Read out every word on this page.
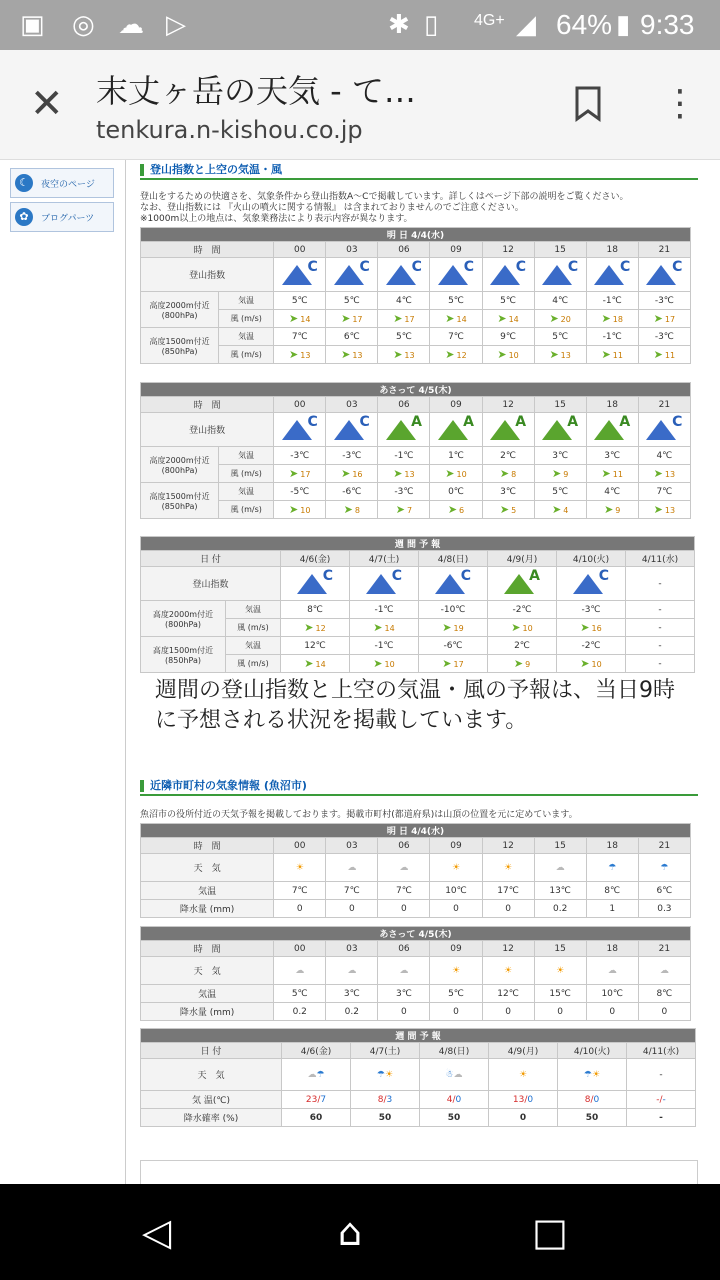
▣ ◎ ☁ ▷	✱ ▯ 4G+ ◢ 64% ▮ 9:33
✕ 末丈ヶ岳の天気 - て…
tenkura.n-kishou.co.jp
⋮
☾	夜空のページ
✿	ブログパーツ
登山指数と上空の気温・風
登山をするための快適さを、気象条件から登山指数A～Cで掲載しています。詳しくはページ下部の説明をご覧ください。
なお、登山指数には 『火山の噴火に関する情報』 は含まれておりませんのでご注意ください。
※1000m以上の地点は、気象業務法により表示内容が異なります。
明 日 4/4(水)									
時　間		00	03	06	09	12	15	18	21
登山指数		C	C	C	C	C	C	C	C

高度2000m付近
(800hPa)	気温	5℃	5℃	4℃	5℃	5℃	4℃	-1℃	-3℃
	風 (m/s)	➤ 14	➤ 17	➤ 17	➤ 14	➤ 14	➤ 20	➤ 18	➤ 17

高度1500m付近
(850hPa)	気温	7℃	6℃	5℃	7℃	9℃	5℃	-1℃	-3℃
	風 (m/s)	➤ 13	➤ 13	➤ 13	➤ 12	➤ 10	➤ 13	➤ 11	➤ 11
あさって 4/5(木)									
時　間		00	03	06	09	12	15	18	21
登山指数		C	C	A	A	A	A	A	C

高度2000m付近
(800hPa)	気温	-3℃	-3℃	-1℃	1℃	2℃	3℃	3℃	4℃
	風 (m/s)	➤ 17	➤ 16	➤ 13	➤ 10	➤ 8	➤ 9	➤ 11	➤ 13

高度1500m付近
(850hPa)	気温	-5℃	-6℃	-3℃	0℃	3℃	5℃	4℃	7℃
	風 (m/s)	➤ 10	➤ 8	➤ 7	➤ 6	➤ 5	➤ 4	➤ 9	➤ 13
週 間 予 報							
日 付		4/6(金)	4/7(土)	4/8(日)	4/9(月)	4/10(火)	4/11(水)
登山指数		C	C	C	A	C	-

高度2000m付近
(800hPa)	気温	8℃	-1℃	-10℃	-2℃	-3℃	-
	風 (m/s)	➤ 12	➤ 14	➤ 19	➤ 10	➤ 16	-

高度1500m付近
(850hPa)	気温	12℃	-1℃	-6℃	2℃	-2℃	-
	風 (m/s)	➤ 14	➤ 10	➤ 17	➤ 9	➤ 10	-
週間の登山指数と上空の気温・風の予報は、当日9時に予想される状況を掲載しています。
近隣市町村の気象情報 (魚沼市)
魚沼市の役所付近の天気予報を掲載しております。掲載市町村(都道府県)は山頂の位置を元に定めています。
明 日 4/4(水)								
時　間	00	03	06	09	12	15	18	21
天　気	☀	☁	☁	☀	☀	☁	☂	☂
気温	7℃	7℃	7℃	10℃	17℃	13℃	8℃	6℃
降水量 (mm)	0	0	0	0	0	0.2	1	0.3
あさって 4/5(木)								
時　間	00	03	06	09	12	15	18	21
天　気	☁	☁	☁	☀	☀	☀	☁	☁
気温	5℃	3℃	3℃	5℃	12℃	15℃	10℃	8℃
降水量 (mm)	0.2	0.2	0	0	0	0	0	0
週 間 予 報						
日 付	4/6(金)	4/7(土)	4/8(日)	4/9(月)	4/10(火)	4/11(水)
天　気	☁☂	☂☀	☃☁	☀	☂☀	-
気 温(℃)	23/7	8/3	4/0	13/0	8/0	-/-
降水確率 (%)	60	50	50	0	50	-
◁	⌂	□
